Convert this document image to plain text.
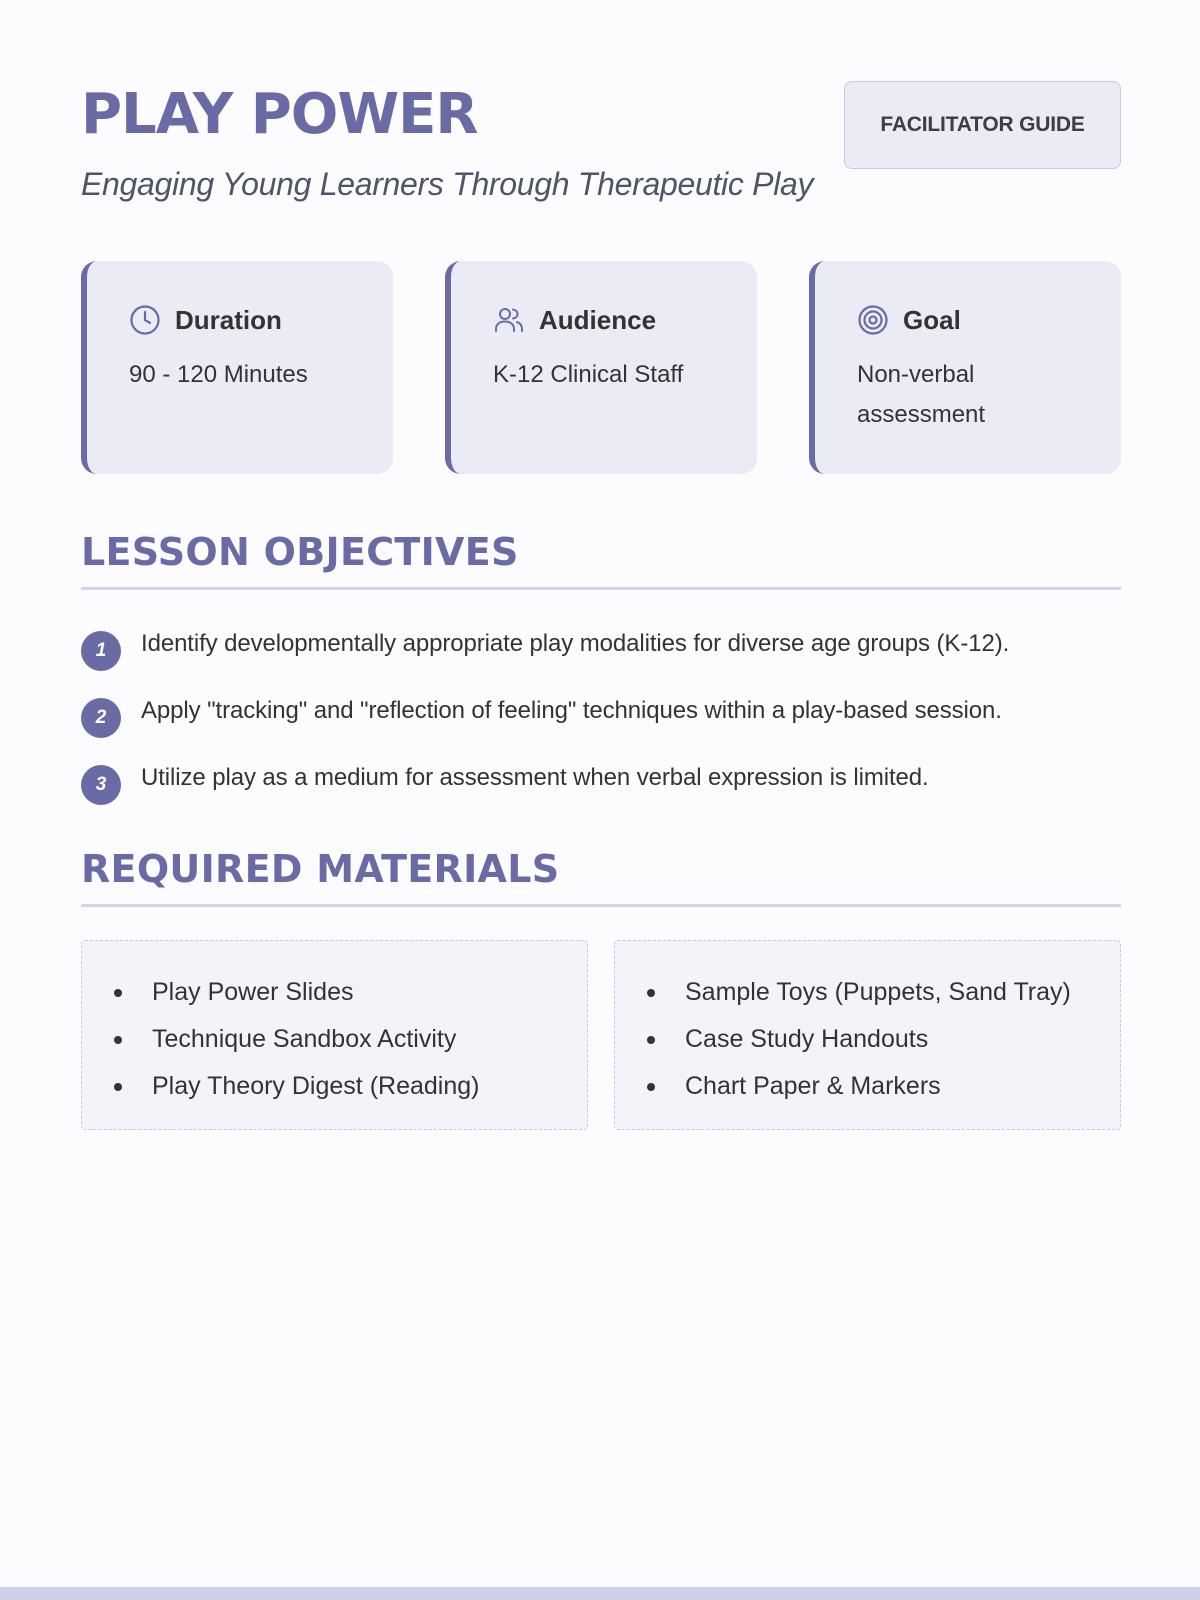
PLAY POWER
Engaging Young Learners Through Therapeutic Play
FACILITATOR GUIDE
Duration
90 - 120 Minutes
Audience
K-12 Clinical Staff
Goal
Non-verbal assessment
LESSON OBJECTIVES
1	Identify developmentally appropriate play modalities for diverse age groups (K-12).
2	Apply "tracking" and "reflection of feeling" techniques within a play-based session.
3	Utilize play as a medium for assessment when verbal expression is limited.
REQUIRED MATERIALS
Play Power Slides
Technique Sandbox Activity
Play Theory Digest (Reading)
Sample Toys (Puppets, Sand Tray)
Case Study Handouts
Chart Paper & Markers
